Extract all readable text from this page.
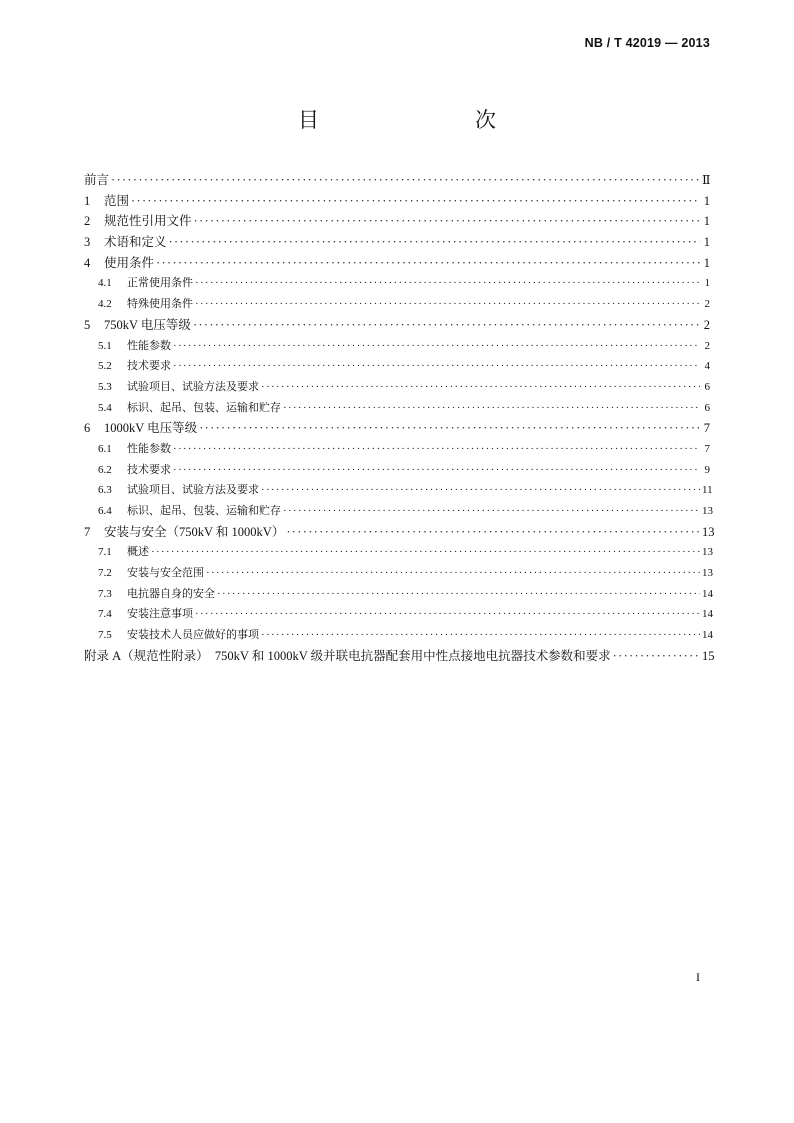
NB / T 42019 — 2013
目　　次
前言 ·····	Ⅱ
1	范围 ·····	1
2	规范性引用文件 ·····	1
3	术语和定义 ·····	1
4	使用条件 ·····	1
4.1	正常使用条件 ·····	1
4.2	特殊使用条件 ·····	2
5	750kV 电压等级 ·····	2
5.1	性能参数 ·····	2
5.2	技术要求 ·····	4
5.3	试验项目、试验方法及要求 ·····	6
5.4	标识、起吊、包装、运输和贮存 ·····	6
6	1000kV 电压等级 ·····	7
6.1	性能参数 ·····	7
6.2	技术要求 ·····	9
6.3	试验项目、试验方法及要求 ·····	11
6.4	标识、起吊、包装、运输和贮存 ·····	13
7	安装与安全（750kV 和 1000kV） ·····	13
7.1	概述 ·····	13
7.2	安装与安全范围 ·····	13
7.3	电抗器自身的安全 ·····	14
7.4	安装注意事项 ·····	14
7.5	安装技术人员应做好的事项 ·····	14
附录 A（规范性附录）　750kV 和 1000kV 级并联电抗器配套用中性点接地电抗器技术参数和要求 ·····	15
I
